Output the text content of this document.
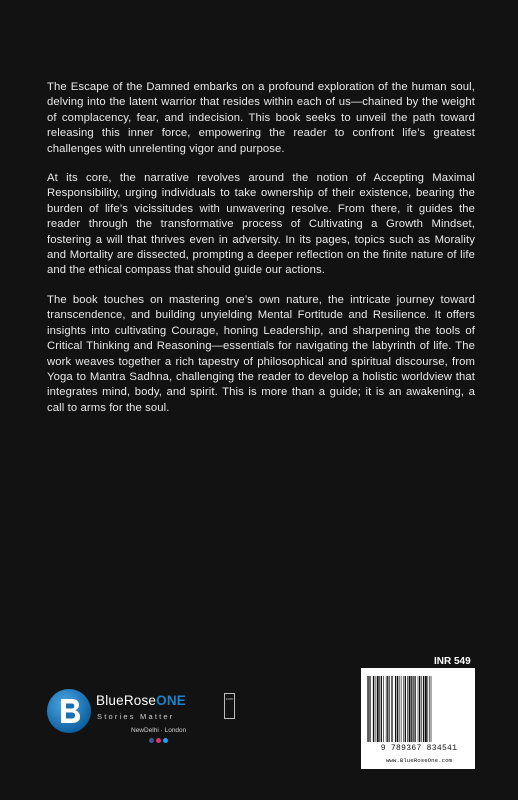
The Escape of the Damned embarks on a profound exploration of the human soul, delving into the latent warrior that resides within each of us—chained by the weight of complacency, fear, and indecision. This book seeks to unveil the path toward releasing this inner force, empowering the reader to confront life’s greatest challenges with unrelenting vigor and purpose.

At its core, the narrative revolves around the notion of Accepting Maximal Responsibility, urging individuals to take ownership of their existence, bearing the burden of life’s vicissitudes with unwavering resolve. From there, it guides the reader through the transformative process of Cultivating a Growth Mindset, fostering a will that thrives even in adversity. In its pages, topics such as Morality and Mortality are dissected, prompting a deeper reflection on the finite nature of life and the ethical compass that should guide our actions.

The book touches on mastering one’s own nature, the intricate journey toward transcendence, and building unyielding Mental Fortitude and Resilience. It offers insights into cultivating Courage, honing Leadership, and sharpening the tools of Critical Thinking and Reasoning—essentials for navigating the labyrinth of life. The work weaves together a rich tapestry of philosophical and spiritual discourse, from Yoga to Mantra Sadhna, challenging the reader to develop a holistic worldview that integrates mind, body, and spirit. This is more than a guide; it is an awakening, a call to arms for the soul.

BlueRoseONE	com
Stories Matter
NewDelhi · London
INR 549
9 789367 834541
www.BlueRoseOne.com
